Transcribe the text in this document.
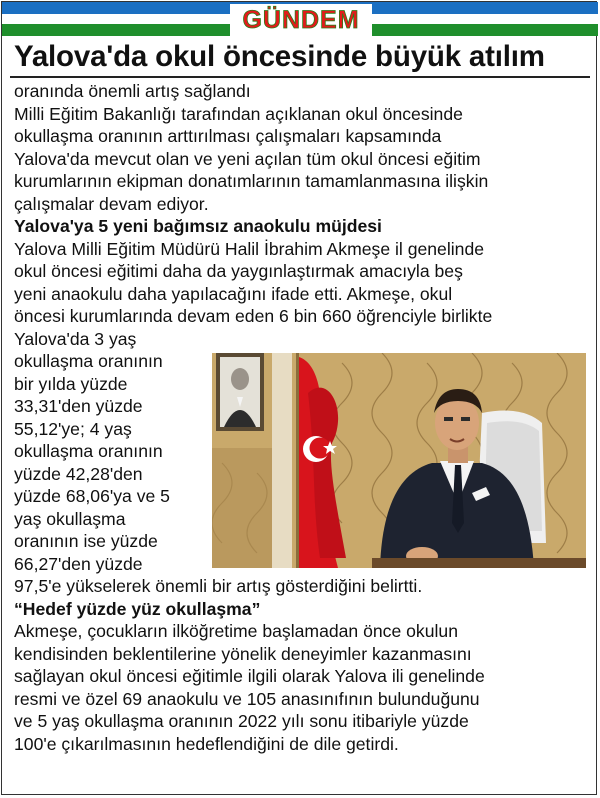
GÜNDEM
Yalova'da okul öncesinde büyük atılım

oranında önemli artış sağlandı

Milli Eğitim Bakanlığı tarafından açıklanan okul öncesinde

okullaşma oranının arttırılması çalışmaları kapsamında

Yalova'da mevcut olan ve yeni açılan tüm okul öncesi eğitim

kurumlarının ekipman donatımlarının tamamlanmasına ilişkin

çalışmalar devam ediyor.

Yalova'ya 5 yeni bağımsız anaokulu müjdesi

Yalova Milli Eğitim Müdürü Halil İbrahim Akmeşe il genelinde

okul öncesi eğitimi daha da yaygınlaştırmak amacıyla beş

yeni anaokulu daha yapılacağını ifade etti. Akmeşe, okul

öncesi kurumlarında devam eden 6 bin 660 öğrenciyle birlikte

Yalova'da 3 yaş

okullaşma oranının

bir yılda yüzde

33,31'den yüzde

55,12'ye; 4 yaş

okullaşma oranının

yüzde 42,28'den

yüzde 68,06'ya ve 5

yaş okullaşma

oranının ise yüzde

66,27'den yüzde

97,5'e yükselerek önemli bir artış gösterdiğini belirtti.

“Hedef yüzde yüz okullaşma”

Akmeşe, çocukların ilköğretime başlamadan önce okulun

kendisinden beklentilerine yönelik deneyimler kazanmasını

sağlayan okul öncesi eğitimle ilgili olarak Yalova ili genelinde

resmi ve özel 69 anaokulu ve 105 anasınıfının bulunduğunu

ve 5 yaş okullaşma oranının 2022 yılı sonu itibariyle yüzde

100'e çıkarılmasının hedeflendiğini de dile getirdi.
